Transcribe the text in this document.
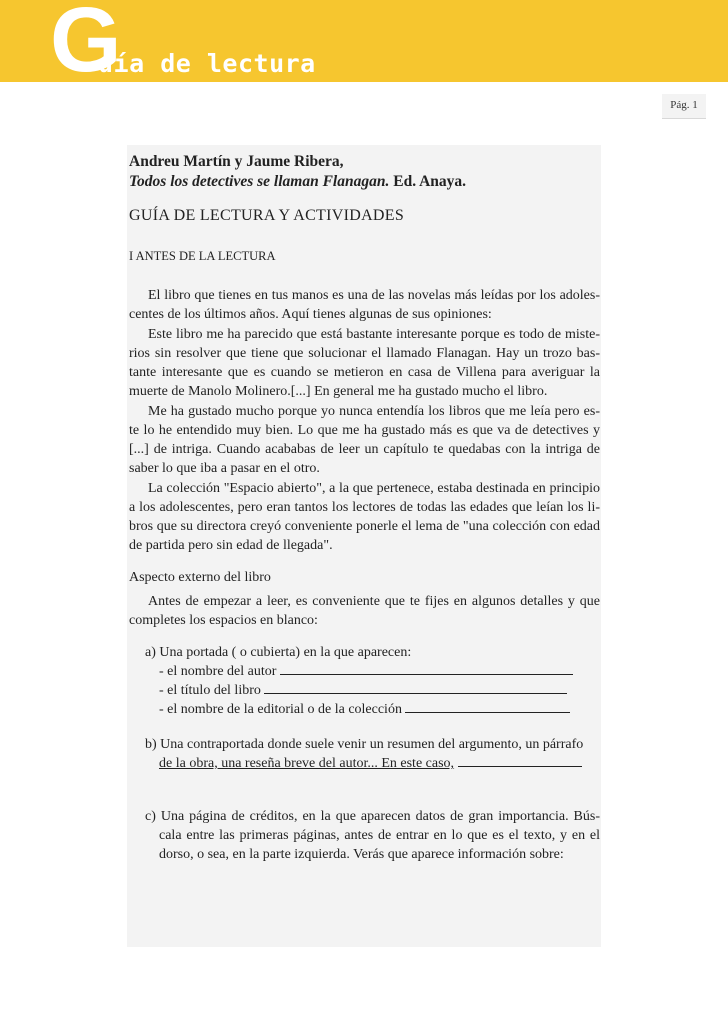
G
uía de lectura
Pág. 1
Andreu Martín y Jaume Ribera,
Todos los detectives se llaman Flanagan. Ed. Anaya.
GUÍA DE LECTURA Y ACTIVIDADES
I ANTES DE LA LECTURA

El libro que tienes en tus manos es una de las novelas más leídas por los adoles- centes de los últimos años. Aquí tienes algunas de sus opiniones:

Este libro me ha parecido que está bastante interesante porque es todo de miste- rios sin resolver que tiene que solucionar el llamado Flanagan. Hay un trozo bas- tante interesante que es cuando se metieron en casa de Villena para averiguar la muerte de Manolo Molinero.[...] En general me ha gustado mucho el libro.

Me ha gustado mucho porque yo nunca entendía los libros que me leía pero es- te lo he entendido muy bien. Lo que me ha gustado más es que va de detectives y [...] de intriga. Cuando acababas de leer un capítulo te quedabas con la intriga de saber lo que iba a pasar en el otro.

La colección "Espacio abierto", a la que pertenece, estaba destinada en principio a los adolescentes, pero eran tantos los lectores de todas las edades que leían los li- bros que su directora creyó conveniente ponerle el lema de "una colección con edad de partida pero sin edad de llegada".

Aspecto externo del libro

Antes de empezar a leer, es conveniente que te fijes en algunos detalles y que completes los espacios en blanco:

a) Una portada ( o cubierta) en la que aparecen:
- el nombre del autor
- el título del libro
- el nombre de la editorial o de la colección
b) Una contraportada donde suele venir un resumen del argumento, un párrafo
de la obra, una reseña breve del autor... En este caso,
c) Una página de créditos, en la que aparecen datos de gran importancia. Bús- cala entre las primeras páginas, antes de entrar en lo que es el texto, y en el dorso, o sea, en la parte izquierda. Verás que aparece información sobre:
